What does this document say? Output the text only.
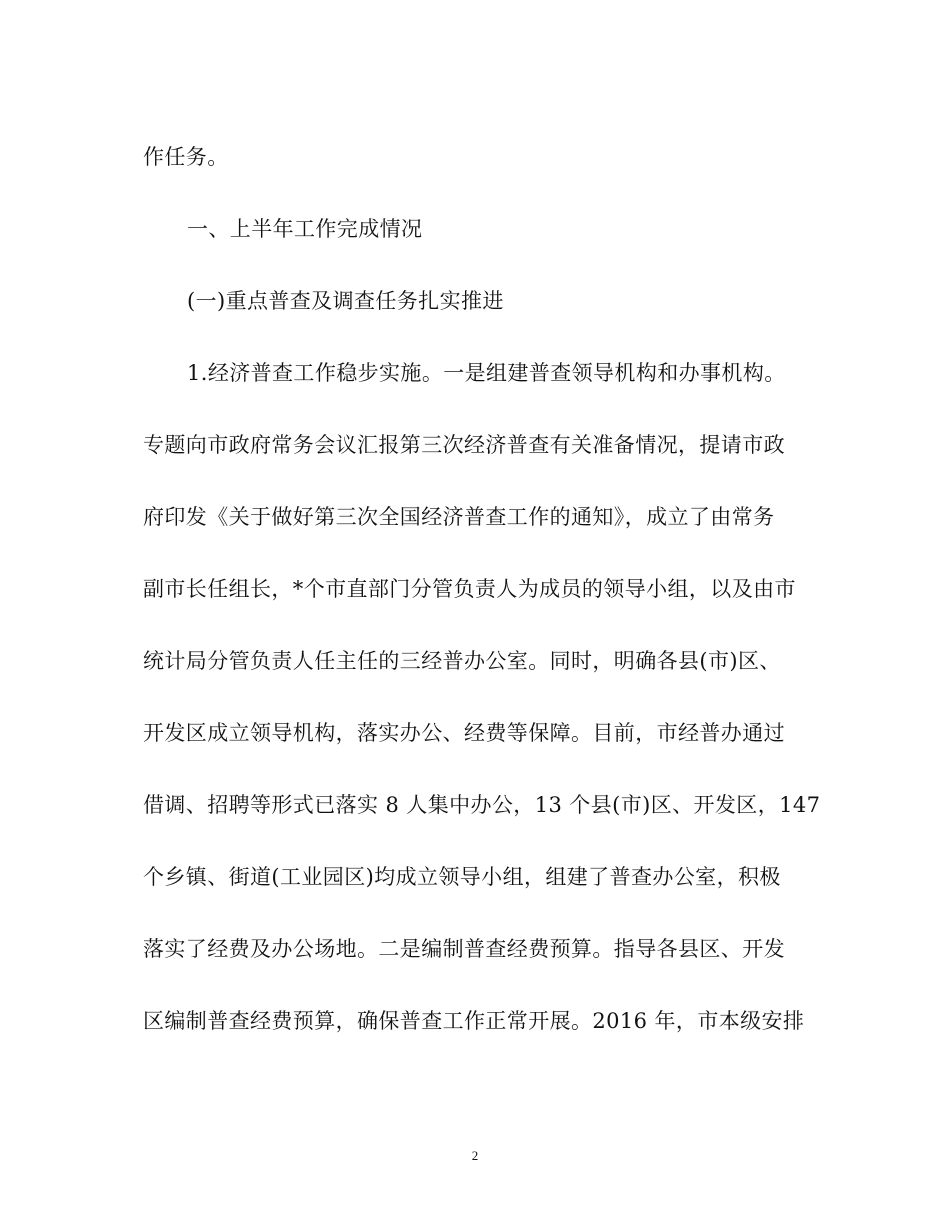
作任务。
一、上半年工作完成情况
(一)重点普查及调查任务扎实推进
1.经济普查工作稳步实施。一是组建普查领导机构和办事机构。
专题向市政府常务会议汇报第三次经济普查有关准备情况，提请市政
府印发《关于做好第三次全国经济普查工作的通知》，成立了由常务
副市长任组长，*个市直部门分管负责人为成员的领导小组，以及由市
统计局分管负责人任主任的三经普办公室。同时，明确各县(市)区、
开发区成立领导机构，落实办公、经费等保障。目前，市经普办通过
借调、招聘等形式已落实 8 人集中办公，13 个县(市)区、开发区，147
个乡镇、街道(工业园区)均成立领导小组，组建了普查办公室，积极
落实了经费及办公场地。二是编制普查经费预算。指导各县区、开发
区编制普查经费预算，确保普查工作正常开展。2016 年，市本级安排
2
